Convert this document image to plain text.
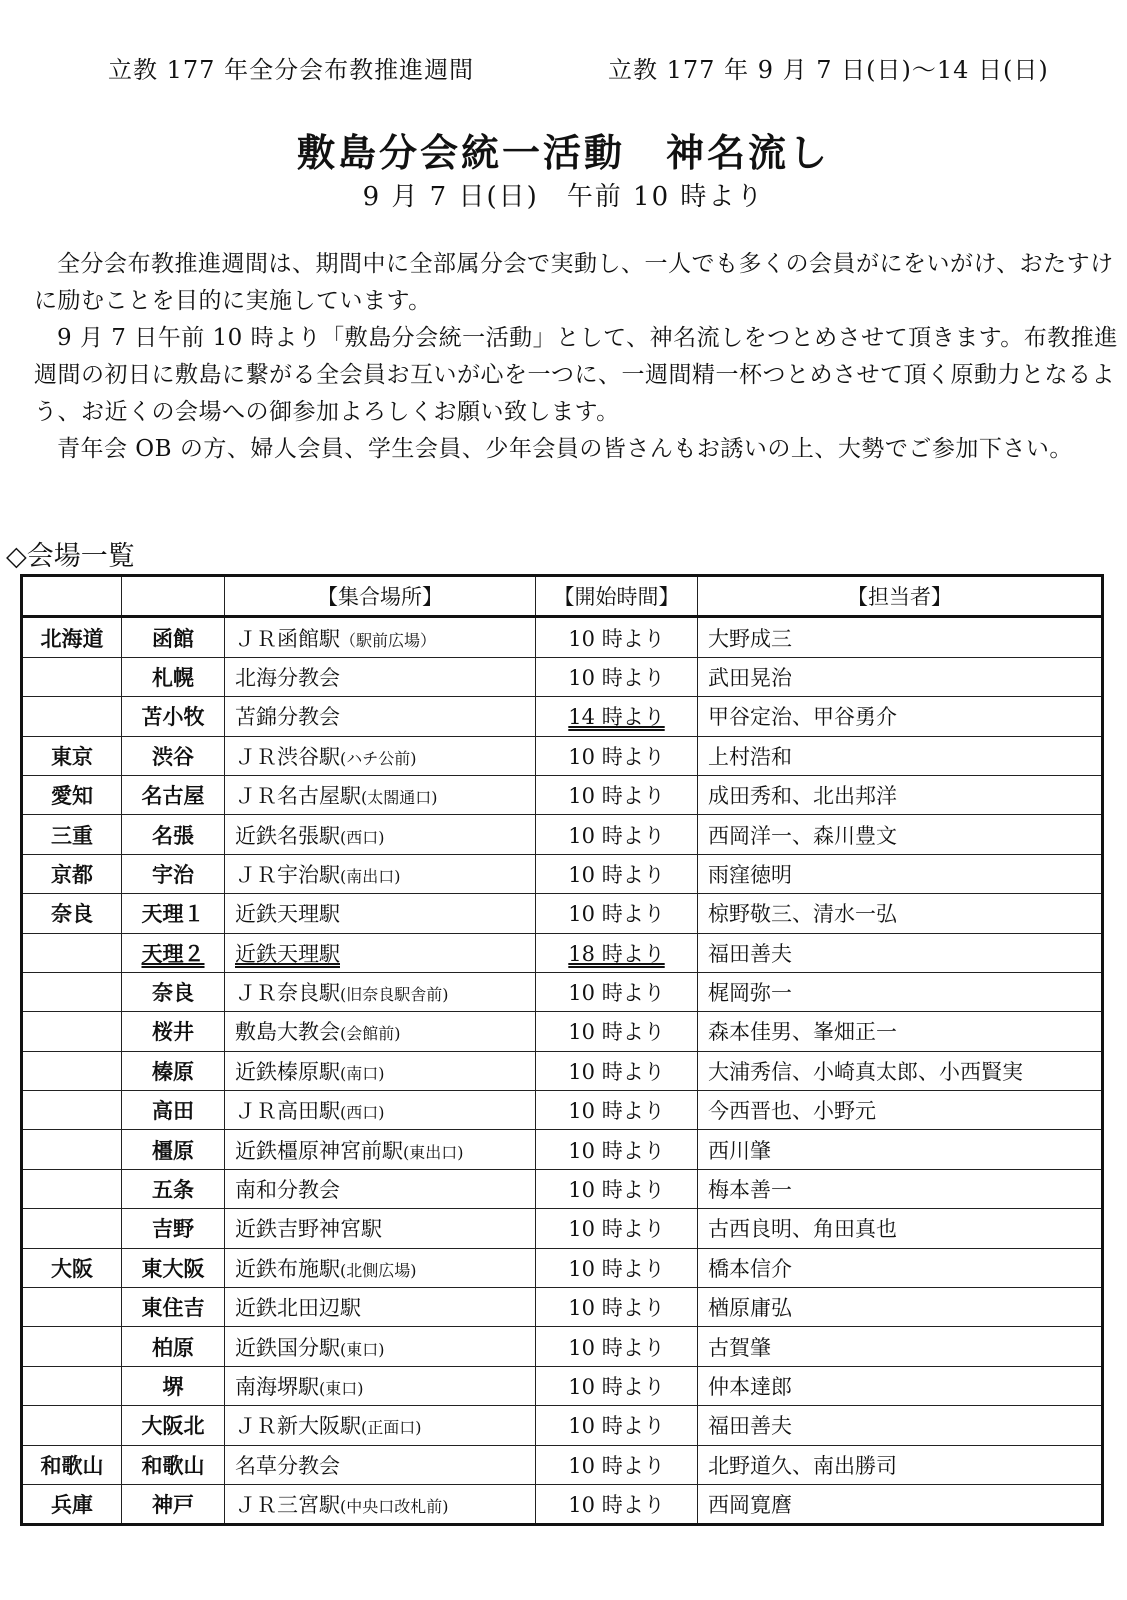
立教 177 年全分会布教推進週間	立教 177 年 9 月 7 日(日)～14 日(日)
敷島分会統一活動　神名流し
9 月 7 日(日)　午前 10 時より

全分会布教推進週間は、期間中に全部属分会で実動し、一人でも多くの会員がにをいがけ、おたすけに励むことを目的に実施しています。

9 月 7 日午前 10 時より「敷島分会統一活動」として、神名流しをつとめさせて頂きます。布教推進週間の初日に敷島に繋がる全会員お互いが心を一つに、一週間精一杯つとめさせて頂く原動力となるよう、お近くの会場への御参加よろしくお願い致します。

青年会 OB の方、婦人会員、学生会員、少年会員の皆さんもお誘いの上、大勢でご参加下さい。

◇会場一覧
		【集合場所】	【開始時間】	【担当者】
北海道	函館	ＪＲ函館駅（駅前広場）	10 時より	大野成三
	札幌	北海分教会	10 時より	武田晃治
	苫小牧	苫錦分教会	14 時より	甲谷定治、甲谷勇介
東京	渋谷	ＪＲ渋谷駅(ハチ公前)	10 時より	上村浩和
愛知	名古屋	ＪＲ名古屋駅(太閤通口)	10 時より	成田秀和、北出邦洋
三重	名張	近鉄名張駅(西口)	10 時より	西岡洋一、森川豊文
京都	宇治	ＪＲ宇治駅(南出口)	10 時より	雨窪徳明
奈良	天理１	近鉄天理駅	10 時より	椋野敬三、清水一弘
	天理２	近鉄天理駅	18 時より	福田善夫
	奈良	ＪＲ奈良駅(旧奈良駅舎前)	10 時より	梶岡弥一
	桜井	敷島大教会(会館前)	10 時より	森本佳男、峯畑正一
	榛原	近鉄榛原駅(南口)	10 時より	大浦秀信、小崎真太郎、小西賢実
	高田	ＪＲ高田駅(西口)	10 時より	今西晋也、小野元
	橿原	近鉄橿原神宮前駅(東出口)	10 時より	西川肇
	五条	南和分教会	10 時より	梅本善一
	吉野	近鉄吉野神宮駅	10 時より	古西良明、角田真也
大阪	東大阪	近鉄布施駅(北側広場)	10 時より	橋本信介
	東住吉	近鉄北田辺駅	10 時より	楢原庸弘
	柏原	近鉄国分駅(東口)	10 時より	古賀肇
	堺	南海堺駅(東口)	10 時より	仲本達郎
	大阪北	ＪＲ新大阪駅(正面口)	10 時より	福田善夫
和歌山	和歌山	名草分教会	10 時より	北野道久、南出勝司
兵庫	神戸	ＪＲ三宮駅(中央口改札前)	10 時より	西岡寛麿
